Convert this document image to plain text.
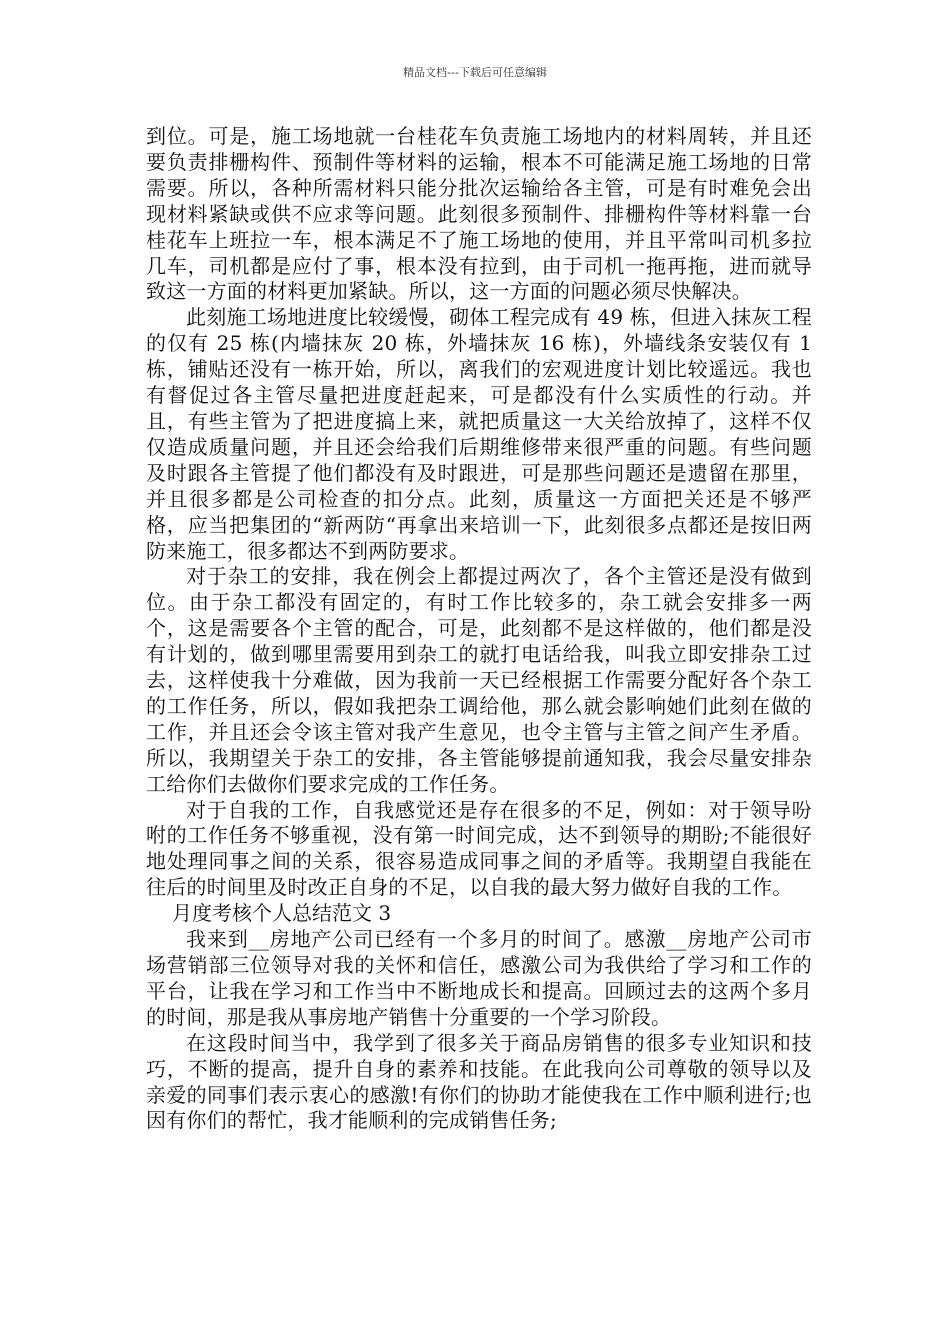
精品文档---下载后可任意编辑

到位。可是，施工场地就一台桂花车负责施工场地内的材料周转，并且还要负责排栅构件、预制件等材料的运输，根本不可能满足施工场地的日常需要。所以，各种所需材料只能分批次运输给各主管，可是有时难免会出现材料紧缺或供不应求等问题。此刻很多预制件、排栅构件等材料靠一台桂花车上班拉一车，根本满足不了施工场地的使用，并且平常叫司机多拉几车，司机都是应付了事，根本没有拉到，由于司机一拖再拖，进而就导致这一方面的材料更加紧缺。所以，这一方面的问题必须尽快解决。

此刻施工场地进度比较缓慢，砌体工程完成有 49 栋，但进入抹灰工程的仅有 25 栋(内墙抹灰 20 栋，外墙抹灰 16 栋)，外墙线条安装仅有 1 栋，铺贴还没有一栋开始，所以，离我们的宏观进度计划比较遥远。我也有督促过各主管尽量把进度赶起来，可是都没有什么实质性的行动。并且，有些主管为了把进度搞上来，就把质量这一大关给放掉了，这样不仅仅造成质量问题，并且还会给我们后期维修带来很严重的问题。有些问题及时跟各主管提了他们都没有及时跟进，可是那些问题还是遗留在那里，并且很多都是公司检查的扣分点。此刻，质量这一方面把关还是不够严格，应当把集团的“新两防“再拿出来培训一下，此刻很多点都还是按旧两防来施工，很多都达不到两防要求。

对于杂工的安排，我在例会上都提过两次了，各个主管还是没有做到位。由于杂工都没有固定的，有时工作比较多的，杂工就会安排多一两个，这是需要各个主管的配合，可是，此刻都不是这样做的，他们都是没有计划的，做到哪里需要用到杂工的就打电话给我，叫我立即安排杂工过去，这样使我十分难做，因为我前一天已经根据工作需要分配好各个杂工的工作任务，所以，假如我把杂工调给他，那么就会影响她们此刻在做的工作，并且还会令该主管对我产生意见，也令主管与主管之间产生矛盾。所以，我期望关于杂工的安排，各主管能够提前通知我，我会尽量安排杂工给你们去做你们要求完成的工作任务。

对于自我的工作，自我感觉还是存在很多的不足，例如：对于领导吩咐的工作任务不够重视，没有第一时间完成，达不到领导的期盼;不能很好地处理同事之间的关系，很容易造成同事之间的矛盾等。我期望自我能在往后的时间里及时改正自身的不足，以自我的最大努力做好自我的工作。

月度考核个人总结范文 3

我来到__房地产公司已经有一个多月的时间了。感激__房地产公司市场营销部三位领导对我的关怀和信任，感激公司为我供给了学习和工作的平台，让我在学习和工作当中不断地成长和提高。回顾过去的这两个多月的时间，那是我从事房地产销售十分重要的一个学习阶段。

在这段时间当中，我学到了很多关于商品房销售的很多专业知识和技巧，不断的提高，提升自身的素养和技能。在此我向公司尊敬的领导以及亲爱的同事们表示衷心的感激!有你们的协助才能使我在工作中顺利进行;也因有你们的帮忙，我才能顺利的完成销售任务;
